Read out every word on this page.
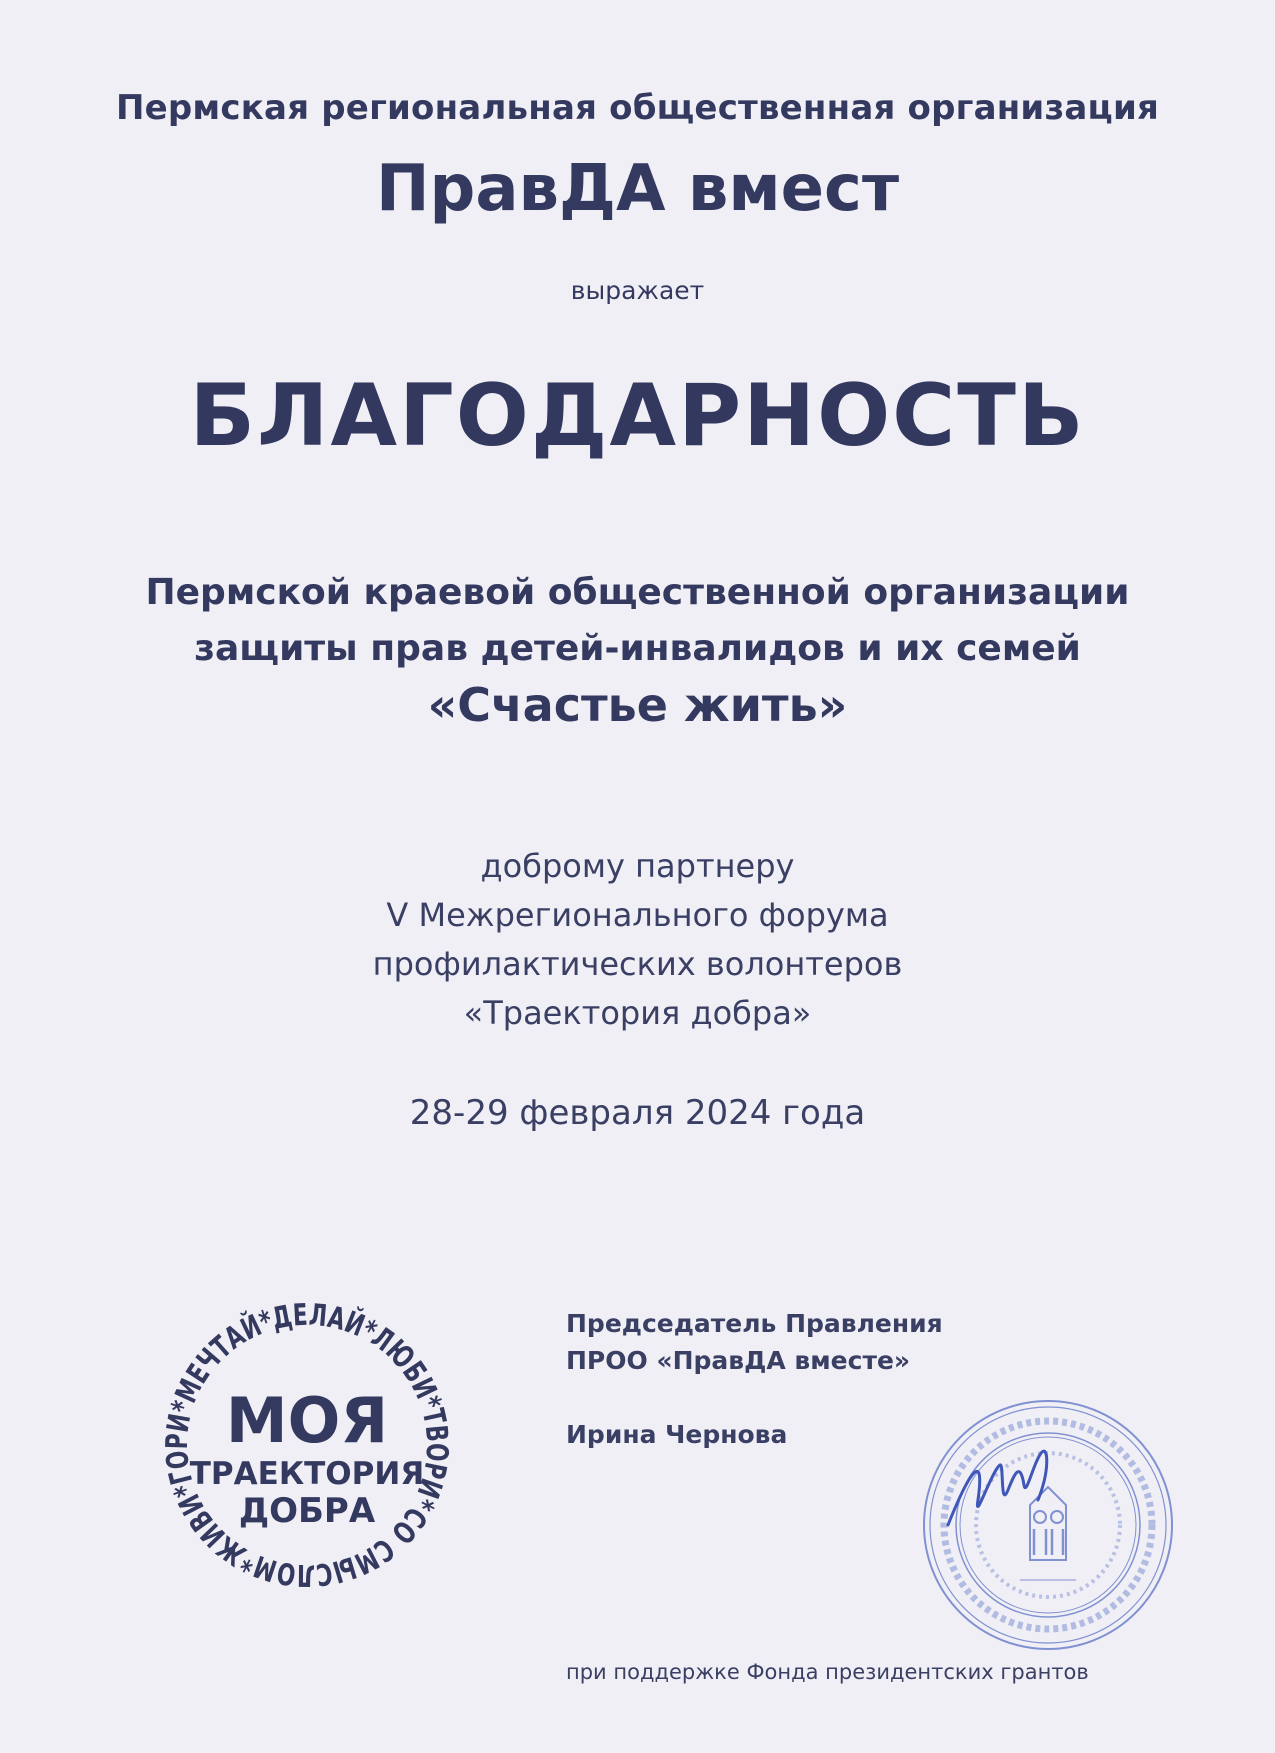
Пермская региональная общественная организация
ПравДА вмест
выражает
БЛАГОДАРНОСТЬ
Пермской краевой общественной организации
защиты прав детей-инвалидов и их семей
«Счастье жить»
доброму партнеру
V Межрегионального форума
профилактических волонтеров
«Траектория добра»
28-29 февраля 2024 года
СО СМЫСЛОМ*ЖИВИ*ГОРИ*МЕЧТАЙ*ДЕЛАЙ*ЛЮБИ*ТВОРИ*
МОЯ
ТРАЕКТОРИЯ
ДОБРА
Председатель Правления
ПРОО «ПравДА вместе»
Ирина Чернова
при поддержке Фонда президентских грантов
